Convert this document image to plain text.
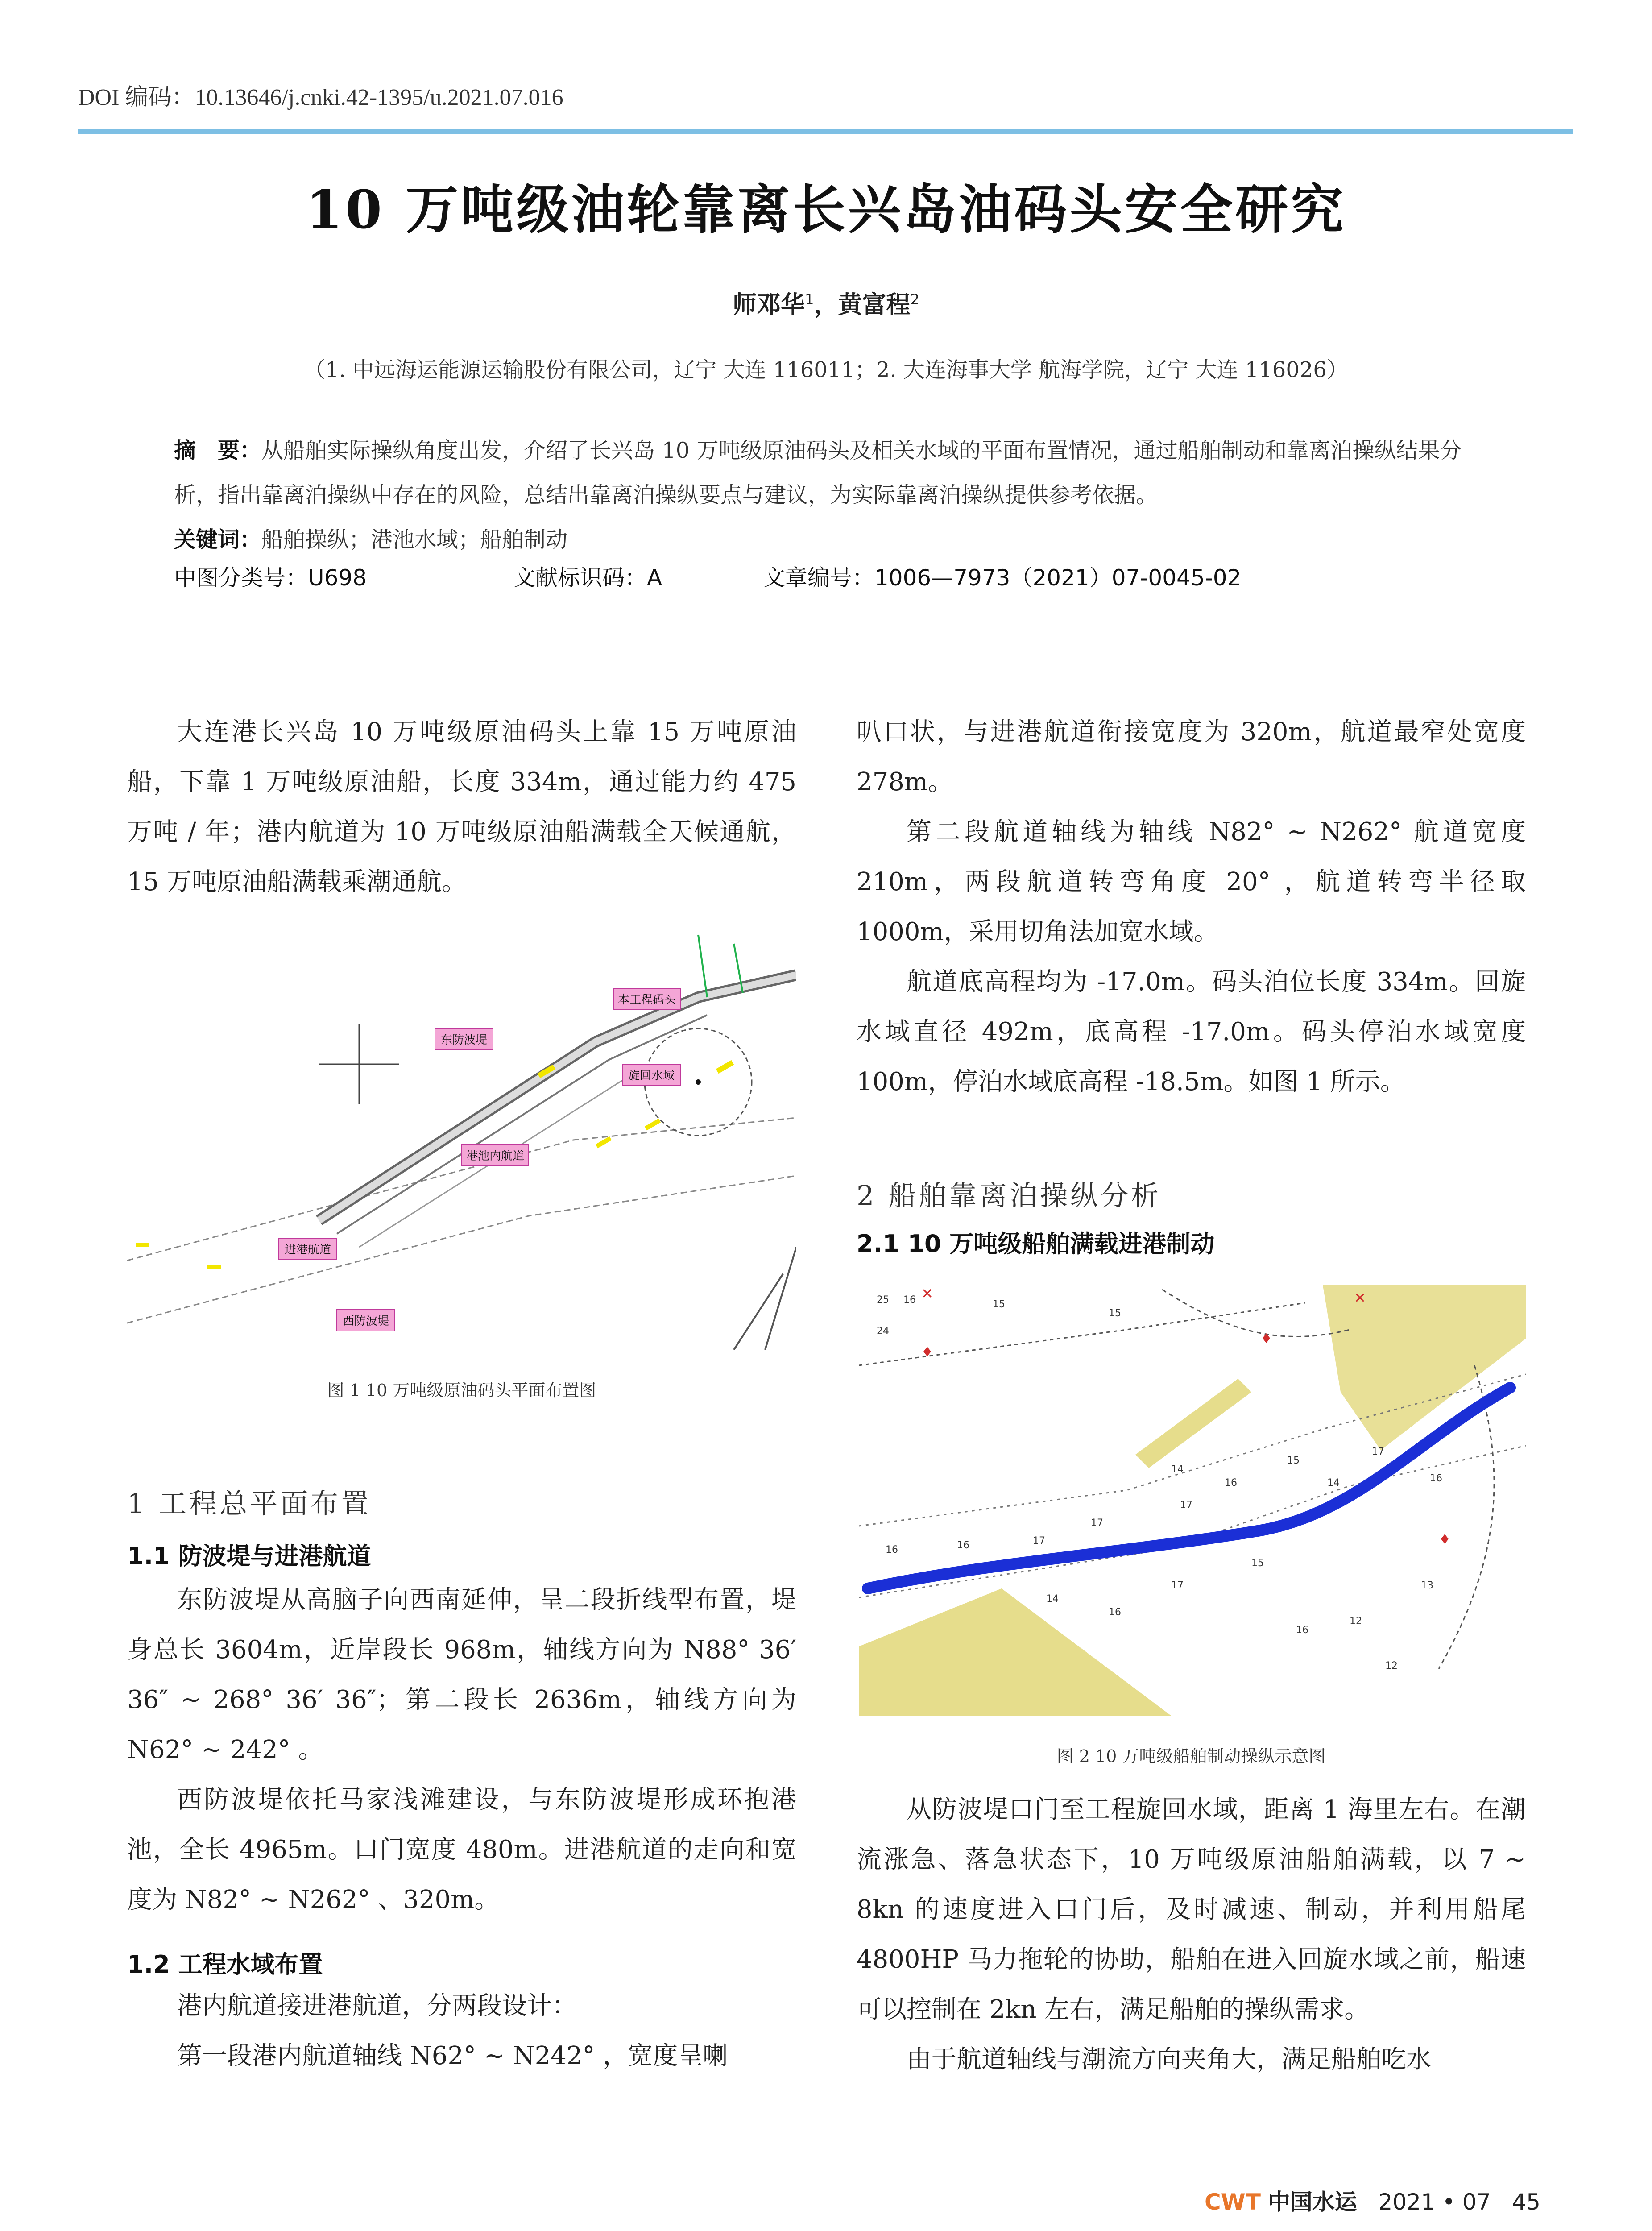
DOI 编码：10.13646/j.cnki.42-1395/u.2021.07.016
10 万吨级油轮靠离长兴岛油码头安全研究
师邓华$^1$，黄富程$^2$
（1. 中远海运能源运输股份有限公司，辽宁 大连 116011；2. 大连海事大学 航海学院，辽宁 大连 116026）
摘　要：从船舶实际操纵角度出发，介绍了长兴岛 10 万吨级原油码头及相关水域的平面布置情况，通过船舶制动和靠离泊操纵结果分析，指出靠离泊操纵中存在的风险，总结出靠离泊操纵要点与建议，为实际靠离泊操纵提供参考依据。
关键词：船舶操纵；港池水域；船舶制动
中图分类号：U698	文献标识码：A	文章编号：1006—7973（2021）07-0045-02

大连港长兴岛 10 万吨级原油码头上靠 15 万吨原油船，下靠 1 万吨级原油船，长度 334m，通过能力约 475 万吨 / 年；港内航道为 10 万吨级原油船满载全天候通航，15 万吨原油船满载乘潮通航。

本工程码头
东防波堤
旋回水域
港池内航道
进港航道
西防波堤
图 1 10 万吨级原油码头平面布置图
1 工程总平面布置
1.1 防波堤与进港航道

东防波堤从高脑子向西南延伸，呈二段折线型布置，堤身总长 3604m，近岸段长 968m，轴线方向为 N88° 36′ 36″ ~ 268° 36′ 36″；第二段长 2636m，轴线方向为 N62° ~ 242° 。

西防波堤依托马家浅滩建设，与东防波堤形成环抱港池，全长 4965m。口门宽度 480m。进港航道的走向和宽度为 N82° ~ N262° 、320m。

1.2 工程水域布置

港内航道接进港航道，分两段设计：

第一段港内航道轴线 N62° ~ N242° ，宽度呈喇

叭口状，与进港航道衔接宽度为 320m，航道最窄处宽度 278m。

第二段航道轴线为轴线 N82° ~ N262° 航道宽度 210m，两段航道转弯角度 20° ，航道转弯半径取 1000m，采用切角法加宽水域。

航道底高程均为 -17.0m。码头泊位长度 334m。回旋水域直径 492m，底高程 -17.0m。码头停泊水域宽度 100m，停泊水域底高程 -18.5m。如图 1 所示。

2 船舶靠离泊操纵分析
2.1 10 万吨级船舶满载进港制动
✕	✕
♦
♦
♦
25 16	15
24
15
14
16	16	17
17
17
16
15
14
17
16
13
12
14
16
17
15
16
12
图 2 10 万吨级船舶制动操纵示意图

从防波堤口门至工程旋回水域，距离 1 海里左右。在潮流涨急、落急状态下，10 万吨级原油船舶满载，以 7 ~ 8kn 的速度进入口门后，及时减速、制动，并利用船尾 4800HP 马力拖轮的协助，船舶在进入回旋水域之前，船速可以控制在 2kn 左右，满足船舶的操纵需求。

由于航道轴线与潮流方向夹角大，满足船舶吃水

CWT 中国水运 2021 • 07 45
